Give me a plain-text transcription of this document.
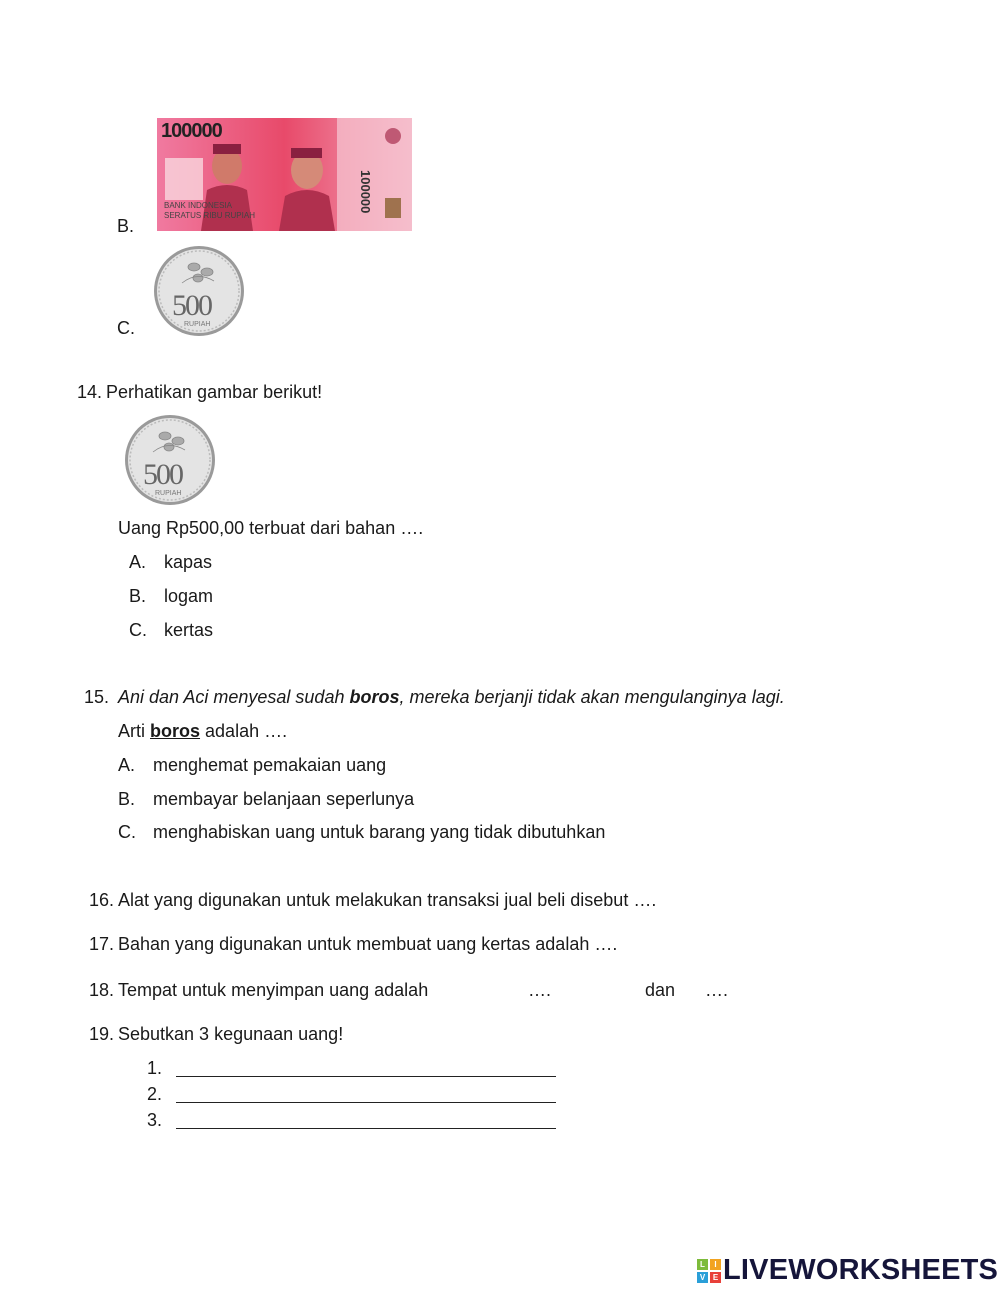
B.
100000
100000
BANK INDONESIA
SERATUS RIBU RUPIAH
C.
500
RUPIAH
14. Perhatikan gambar berikut!
500
RUPIAH
Uang Rp500,00 terbuat dari bahan ….
A. kapas
B. logam
C. kertas
15. Ani dan Aci menyesal sudah boros, mereka berjanji tidak akan mengulanginya lagi.
Arti boros adalah ….
A. menghemat pemakaian uang
B. membayar belanjaan seperlunya
C. menghabiskan uang untuk barang yang tidak dibutuhkan
16. Alat yang digunakan untuk melakukan transaksi jual beli disebut ….
17. Bahan yang digunakan untuk membuat uang kertas adalah ….
18. Tempat untuk menyimpan uang adalah	….	dan ….
19. Sebutkan 3 kegunaan uang!
1.
2.
3.
L	I
V E LIVEWORKSHEETS
